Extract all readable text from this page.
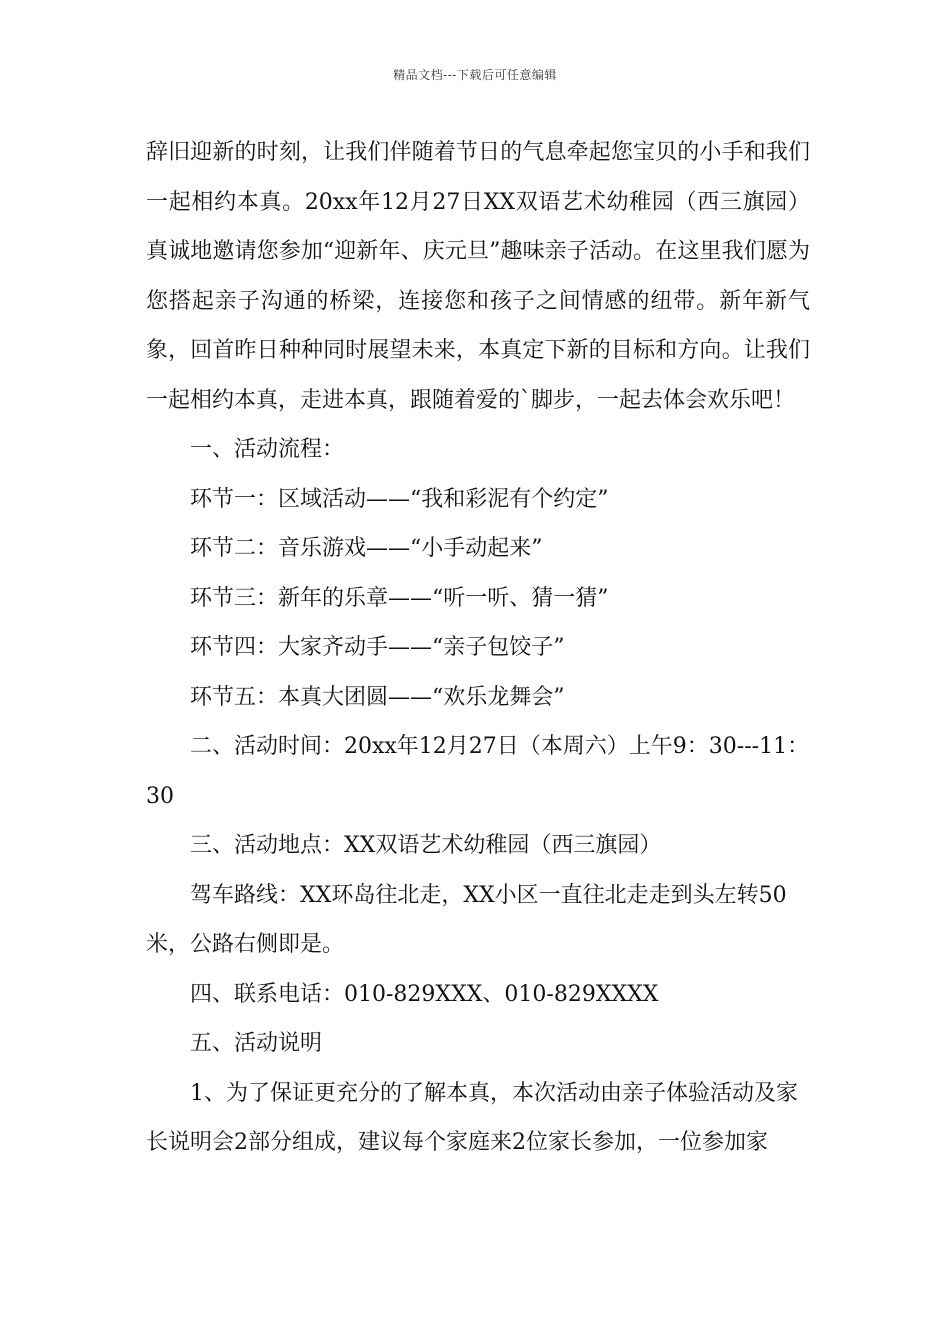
精品文档---下载后可任意编辑

辞旧迎新的时刻，让我们伴随着节日的气息牵起您宝贝的小手和我们一起相约本真。20xx年12月27日XX双语艺术幼稚园（西三旗园）真诚地邀请您参加“迎新年、庆元旦”趣味亲子活动。在这里我们愿为您搭起亲子沟通的桥梁，连接您和孩子之间情感的纽带。新年新气象，回首昨日种种同时展望未来，本真定下新的目标和方向。让我们一起相约本真，走进本真，跟随着爱的`脚步，一起去体会欢乐吧！

一、活动流程：

环节一：区域活动——“我和彩泥有个约定”

环节二：音乐游戏——“小手动起来”

环节三：新年的乐章——“听一听、猜一猜”

环节四：大家齐动手——“亲子包饺子”

环节五：本真大团圆——“欢乐龙舞会”

二、活动时间：20xx年12月27日（本周六）上午9：30---11：30

三、活动地点：XX双语艺术幼稚园（西三旗园）

驾车路线：XX环岛往北走，XX小区一直往北走走到头左转50米，公路右侧即是。

四、联系电话：010-829XXX、010-829XXXX

五、活动说明

1、为了保证更充分的了解本真，本次活动由亲子体验活动及家长说明会2部分组成，建议每个家庭来2位家长参加，一位参加家
